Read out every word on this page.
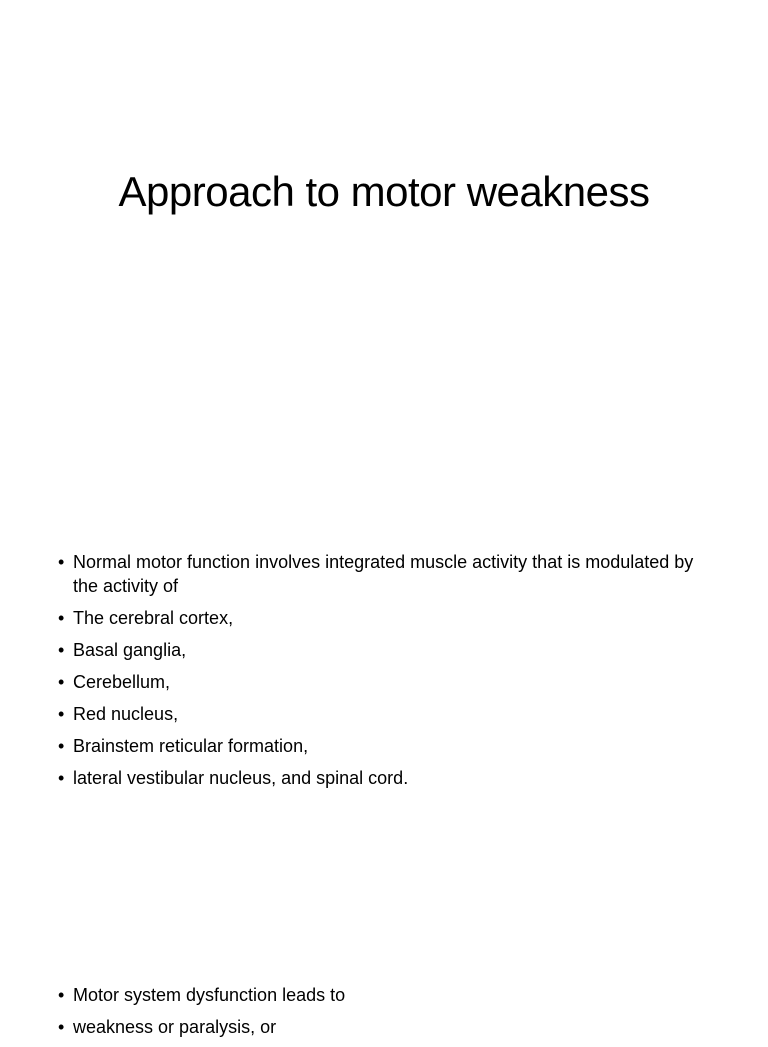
Approach to motor weakness
• Normal motor function involves integrated muscle activity that is modulated by the activity of
• The cerebral cortex,
• Basal ganglia,
• Cerebellum,
• Red nucleus,
• Brainstem reticular formation,
• lateral vestibular nucleus, and spinal cord.
• Motor system dysfunction leads to
• weakness or paralysis, or
